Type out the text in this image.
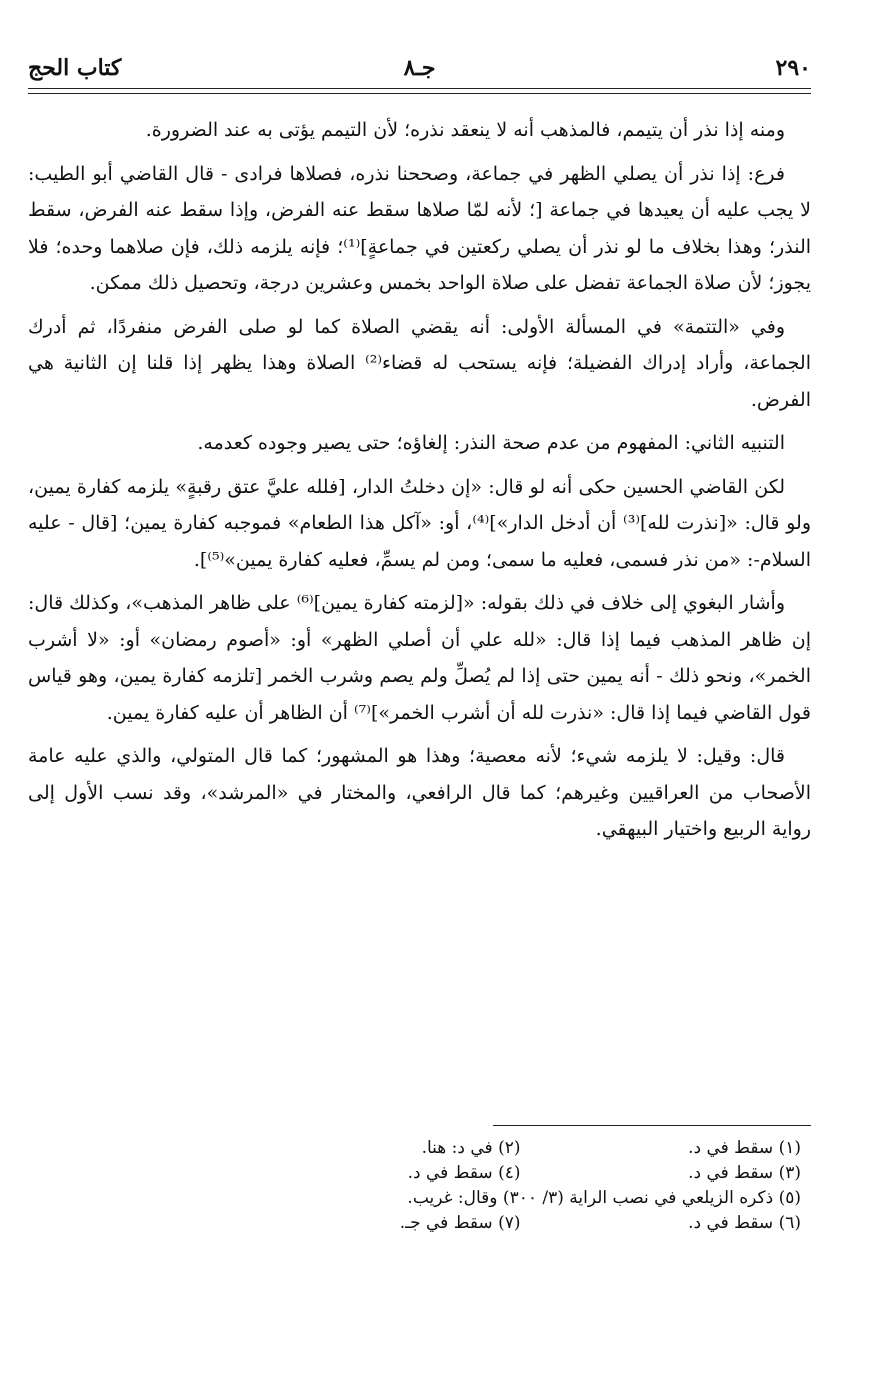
٢٩٠
جـ٨
كتاب الحج

ومنه إذا نذر أن يتيمم، فالمذهب أنه لا ينعقد نذره؛ لأن التيمم يؤتى به عند الضرورة.

فرع: إذا نذر أن يصلي الظهر في جماعة، وصححنا نذره، فصلاها فرادى - قال القاضي أبو الطيب: لا يجب عليه أن يعيدها في جماعة [؛ لأنه لمّا صلاها سقط عنه الفرض، وإذا سقط عنه الفرض، سقط النذر؛ وهذا بخلاف ما لو نذر أن يصلي ركعتين في جماعةٍ]⁽¹⁾؛ فإنه يلزمه ذلك، فإن صلاهما وحده؛ فلا يجوز؛ لأن صلاة الجماعة تفضل على صلاة الواحد بخمس وعشرين درجة، وتحصيل ذلك ممكن.

وفي «التتمة» في المسألة الأولى: أنه يقضي الصلاة كما لو صلى الفرض منفردًا، ثم أدرك الجماعة، وأراد إدراك الفضيلة؛ فإنه يستحب له قضاء⁽²⁾ الصلاة وهذا يظهر إذا قلنا إن الثانية هي الفرض.

التنبيه الثاني: المفهوم من عدم صحة النذر: إلغاؤه؛ حتى يصير وجوده كعدمه.

لكن القاضي الحسين حكى أنه لو قال: «إن دخلتُ الدار، [فلله عليَّ عتق رقبةٍ» يلزمه كفارة يمين، ولو قال: «[نذرت لله]⁽³⁾ أن أدخل الدار»]⁽⁴⁾، أو: «آكل هذا الطعام» فموجبه كفارة يمين؛ [قال - عليه السلام-: «من نذر فسمى، فعليه ما سمى؛ ومن لم يسمِّ، فعليه كفارة يمين»⁽⁵⁾].

وأشار البغوي إلى خلاف في ذلك بقوله: «[لزمته كفارة يمين]⁽⁶⁾ على ظاهر المذهب»، وكذلك قال: إن ظاهر المذهب فيما إذا قال: «لله علي أن أصلي الظهر» أو: «أصوم رمضان» أو: «لا أشرب الخمر»، ونحو ذلك - أنه يمين حتى إذا لم يُصلِّ ولم يصم وشرب الخمر [تلزمه كفارة يمين، وهو قياس قول القاضي فيما إذا قال: «نذرت لله أن أشرب الخمر»]⁽⁷⁾ أن الظاهر أن عليه كفارة يمين.

قال: وقيل: لا يلزمه شيء؛ لأنه معصية؛ وهذا هو المشهور؛ كما قال المتولي، والذي عليه عامة الأصحاب من العراقيين وغيرهم؛ كما قال الرافعي، والمختار في «المرشد»، وقد نسب الأول إلى رواية الربيع واختيار البيهقي.

(١) سقط في د.
(٢) في د: هنا.
(٣) سقط في د.
(٤) سقط في د.
(٥) ذكره الزيلعي في نصب الراية (٣/ ٣٠٠) وقال: غريب.
(٦) سقط في د.
(٧) سقط في جـ.
